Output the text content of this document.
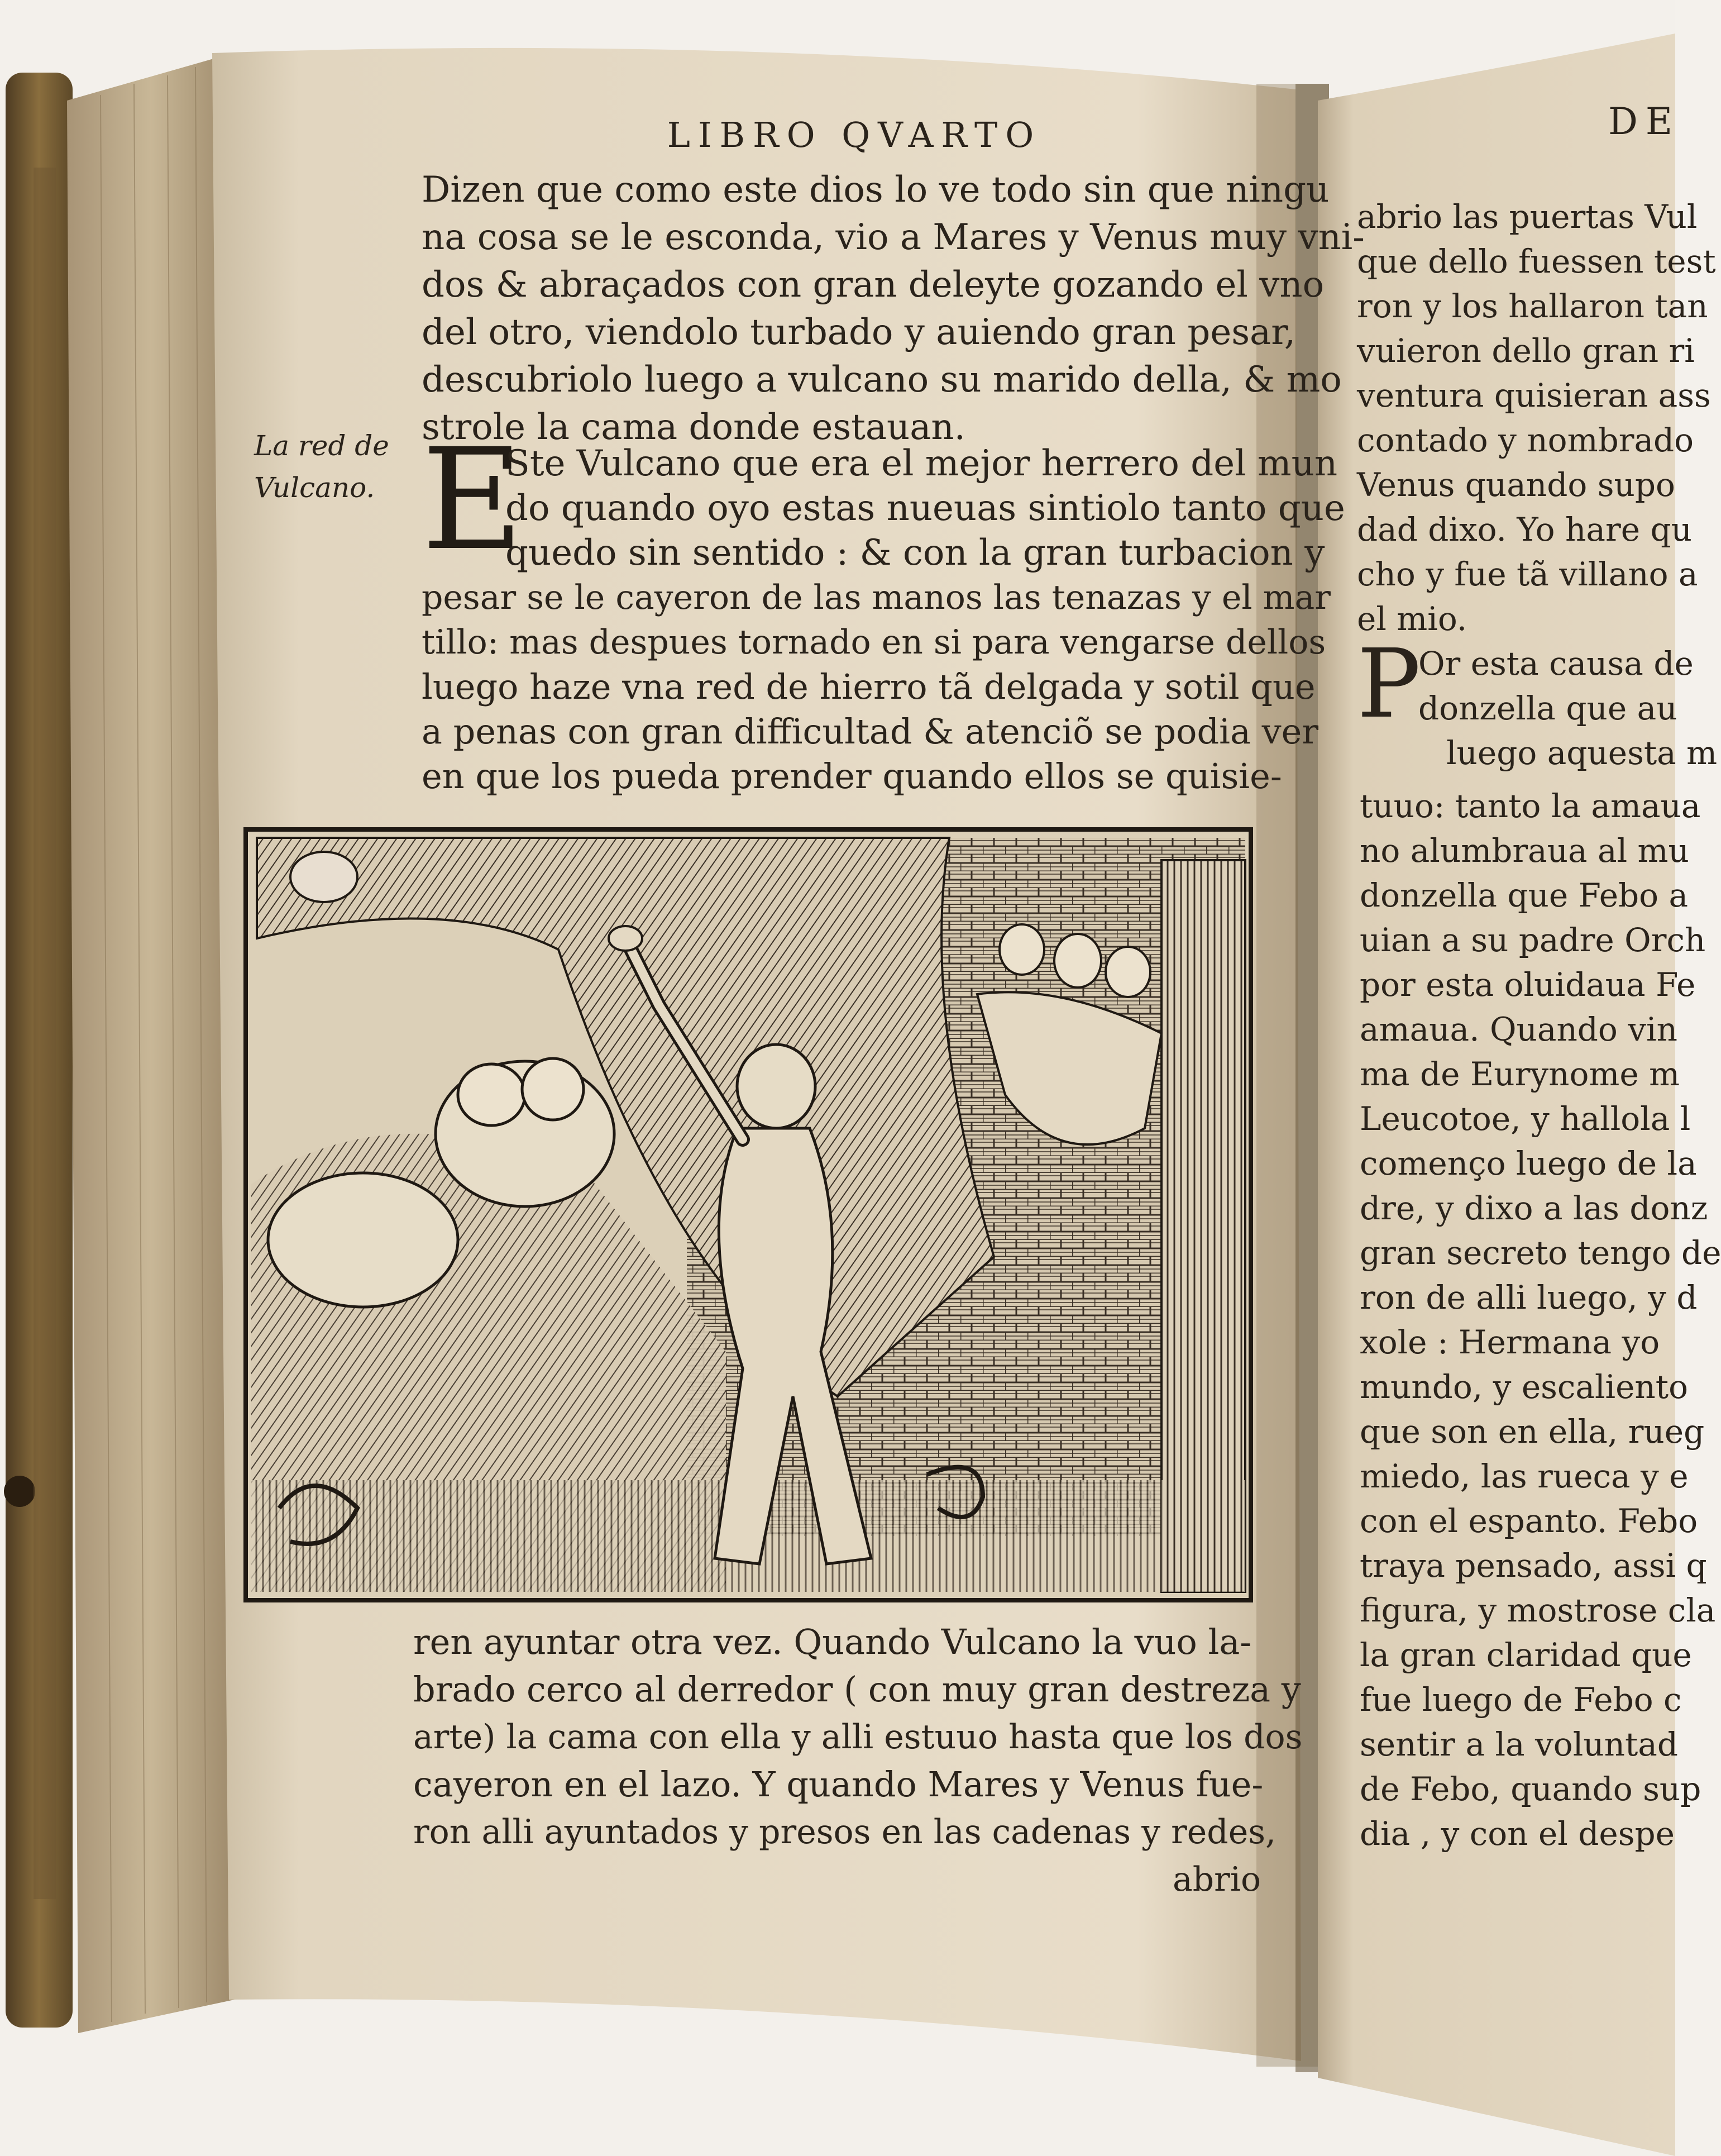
LIBRO QVARTO
Dizen que como este dios lo ve todo sin que ningu
na cosa se le esconda, vio a Mares y Venus muy vni-
dos & abraçados con gran deleyte gozando el vno
del otro, viendolo turbado y auiendo gran pesar,
descubriolo luego a vulcano su marido della, & mo
strole la cama donde estauan.
La red de
Vulcano. E
Ste Vulcano que era el mejor herrero del mun
do quando oyo estas nueuas sintiolo tanto que
quedo sin sentido : & con la gran turbacion y
pesar se le cayeron de las manos las tenazas y el mar
tillo: mas despues tornado en si para vengarse dellos
luego haze vna red de hierro tã delgada y sotil que
a penas con gran difficultad & atenciõ se podia ver
en que los pueda prender quando ellos se quisie-
ren ayuntar otra vez. Quando Vulcano la vuo la-
brado cerco al derredor ( con muy gran destreza y
arte) la cama con ella y alli estuuo hasta que los dos
cayeron en el lazo. Y quando Mares y Venus fue-
ron alli ayuntados y presos en las cadenas y redes,
abrio
DE
abrio las puertas Vul
que dello fuessen test
ron y los hallaron tan
vuieron dello gran ri
ventura quisieran ass
contado y nombrado
Venus quando supo
dad dixo. Yo hare qu
cho y fue tã villano a
el mio.
P
Or esta causa de
donzella que au
luego aquesta m
tuuo: tanto la amaua
no alumbraua al mu
donzella que Febo a
uian a su padre Orch
por esta oluidaua Fe
amaua. Quando vin
ma de Eurynome m
Leucotoe, y hallola l
començo luego de la
dre, y dixo a las donz
gran secreto tengo de
ron de alli luego, y d
xole : Hermana yo
mundo, y escaliento
que son en ella, rueg
miedo, las rueca y e
con el espanto. Febo
traya pensado, assi q
figura, y mostrose cla
la gran claridad que
fue luego de Febo c
sentir a la voluntad
de Febo, quando sup
dia , y con el despe
